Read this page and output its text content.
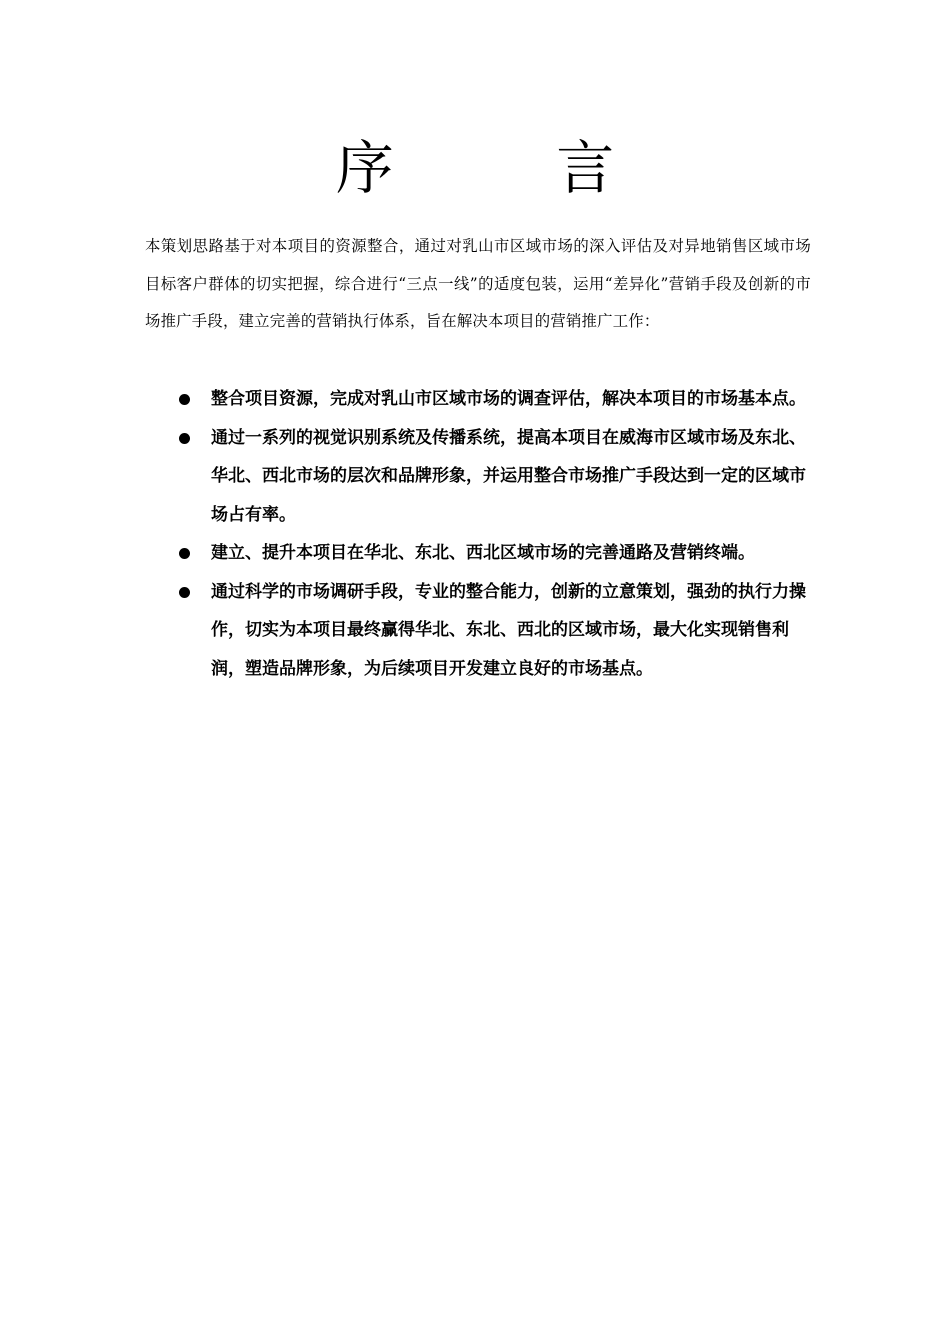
序 言

本策划思路基于对本项目的资源整合，通过对乳山市区域市场的深入评估及对异地销售区域市场目标客户群体的切实把握，综合进行“三点一线”的适度包装，运用“差异化”营销手段及创新的市场推广手段，建立完善的营销执行体系，旨在解决本项目的营销推广工作：

整合项目资源，完成对乳山市区域市场的调查评估，解决本项目的市场基本点。
通过一系列的视觉识别系统及传播系统，提高本项目在威海市区域市场及东北、华北、西北市场的层次和品牌形象，并运用整合市场推广手段达到一定的区域市场占有率。
建立、提升本项目在华北、东北、西北区域市场的完善通路及营销终端。
通过科学的市场调研手段，专业的整合能力，创新的立意策划，强劲的执行力操作，切实为本项目最终赢得华北、东北、西北的区域市场，最大化实现销售利润，塑造品牌形象，为后续项目开发建立良好的市场基点。
